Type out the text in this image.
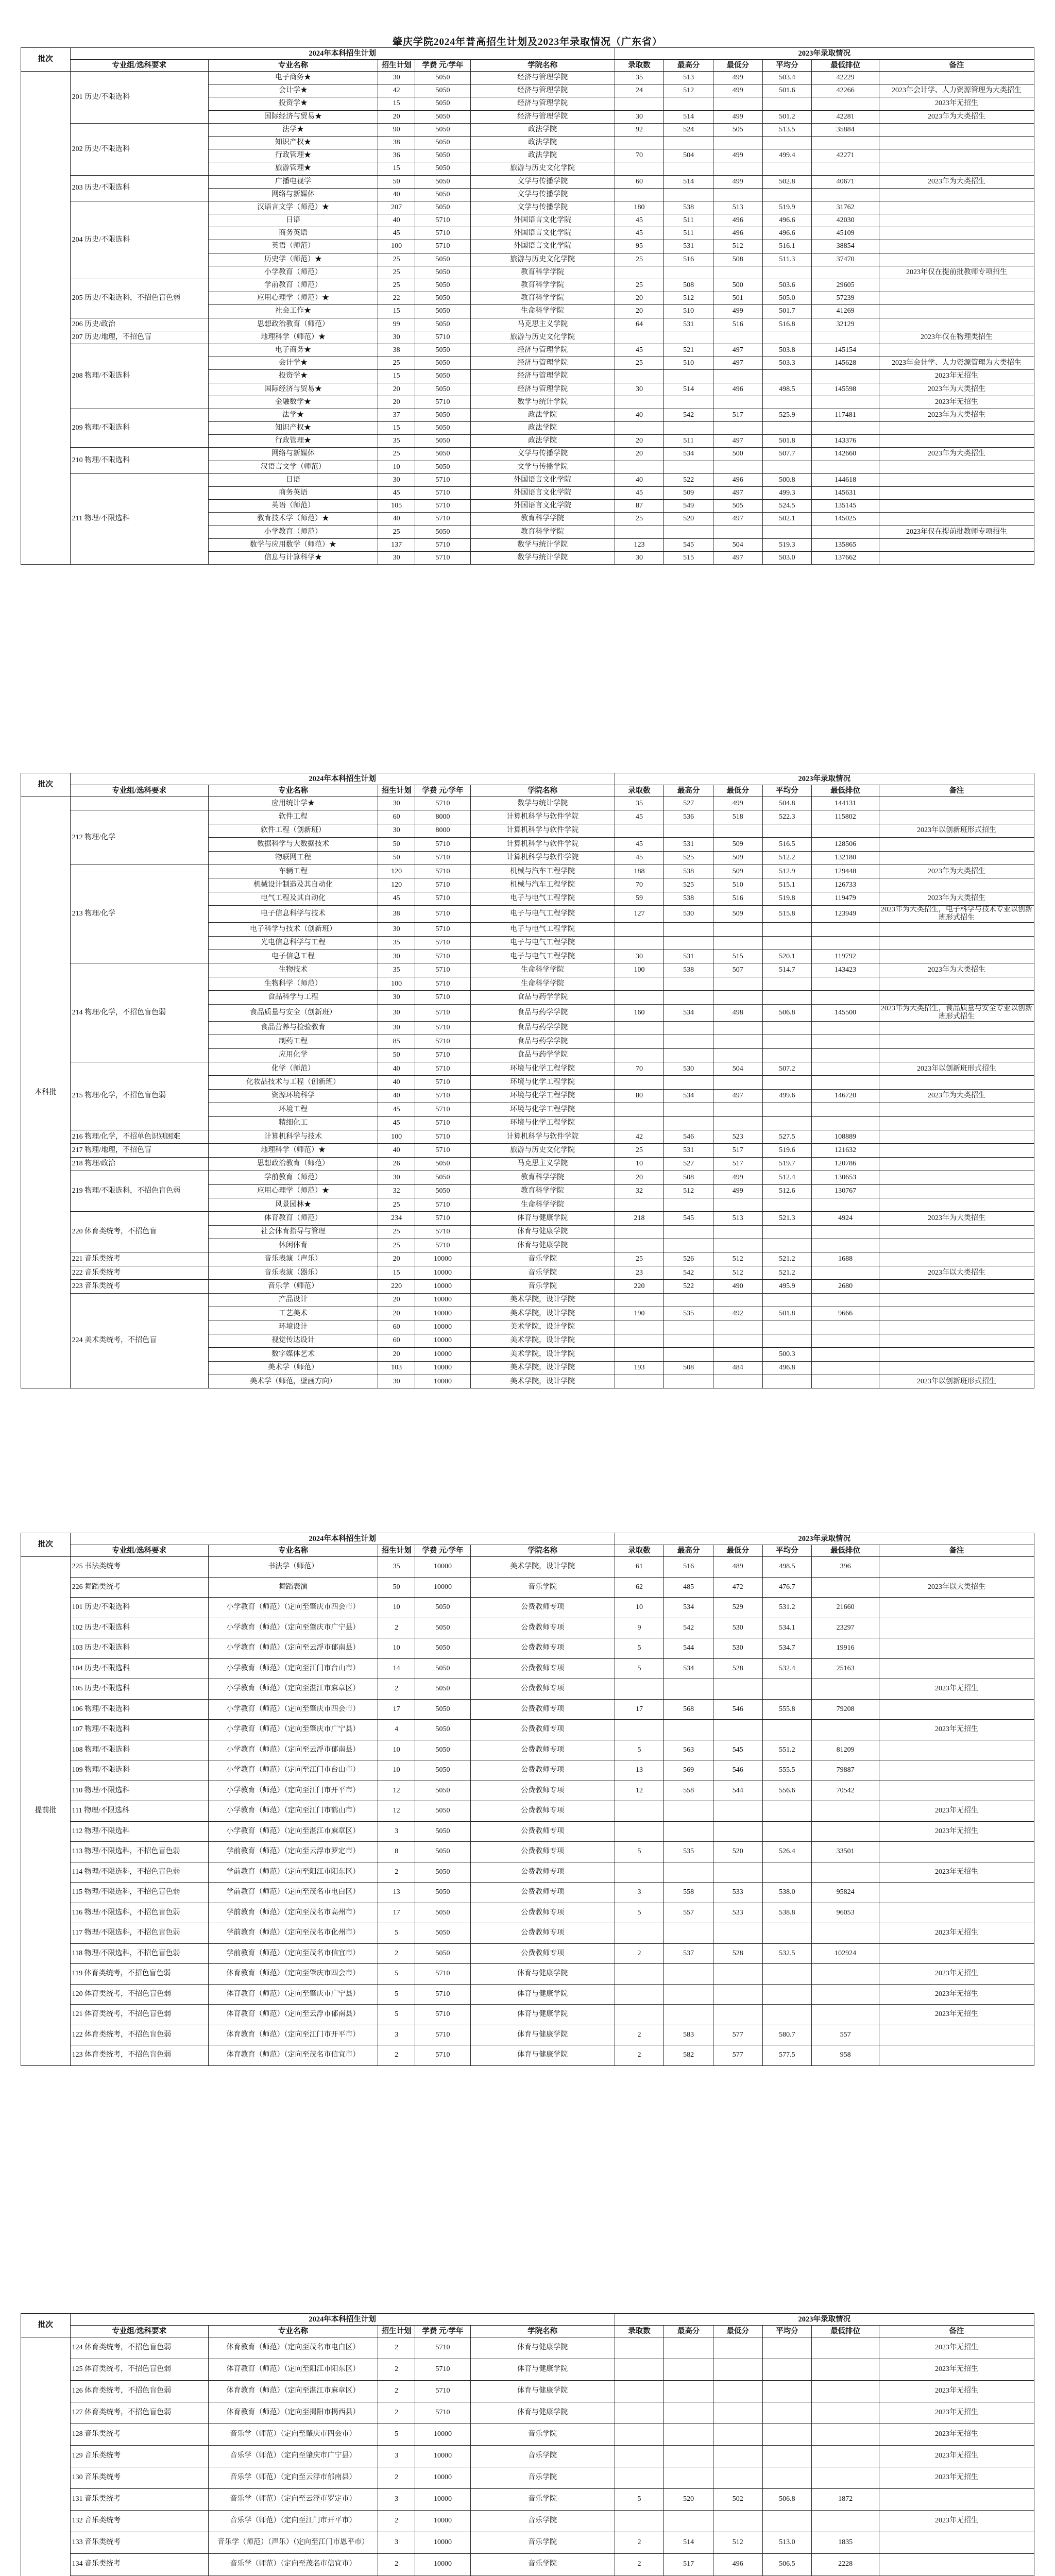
肇庆学院2024年普高招生计划及2023年录取情况（广东省）
批次	2024年本科招生计划					2023年录取情况					
	专业组/选科要求	专业名称	招生计划	学费 元/学年	学院名称	录取数	最高分	最低分	平均分	最低排位	备注
	201 历史/不限选科	电子商务★	30	5050	经济与管理学院	35	513	499	503.4	42229	
		会计学★	42	5050	经济与管理学院	24	512	499	501.6	42266	2023年会计学、人力资源管理为大类招生
		投资学★	15	5050	经济与管理学院						2023年无招生
		国际经济与贸易★	20	5050	经济与管理学院	30	514	499	501.2	42281	2023年为大类招生
	202 历史/不限选科	法学★	90	5050	政法学院	92	524	505	513.5	35884	
		知识产权★	38	5050	政法学院						
		行政管理★	36	5050	政法学院	70	504	499	499.4	42271	
		旅游管理★	15	5050	旅游与历史文化学院						
	203 历史/不限选科	广播电视学	50	5050	文学与传播学院	60	514	499	502.8	40671	2023年为大类招生
		网络与新媒体	40	5050	文学与传播学院						
	204 历史/不限选科	汉语言文学（师范）★	207	5050	文学与传播学院	180	538	513	519.9	31762	
		日语	40	5710	外国语言文化学院	45	511	496	496.6	42030	
		商务英语	45	5710	外国语言文化学院	45	511	496	496.6	45109	
		英语（师范）	100	5710	外国语言文化学院	95	531	512	516.1	38854	
		历史学（师范）★	25	5050	旅游与历史文化学院	25	516	508	511.3	37470	
		小学教育（师范）	25	5050	教育科学学院						2023年仅在提前批教师专项招生
	205 历史/不限选科，不招色盲色弱	学前教育（师范）	25	5050	教育科学学院	25	508	500	503.6	29605	
		应用心理学（师范）★	22	5050	教育科学学院	20	512	501	505.0	57239	
		社会工作★	15	5050	生命科学学院	20	510	499	501.7	41269	
	206 历史/政治	思想政治教育（师范）	99	5050	马克思主义学院	64	531	516	516.8	32129	
	207 历史/地理，不招色盲	地理科学（师范）★	30	5710	旅游与历史文化学院						2023年仅在物理类招生
	208 物理/不限选科	电子商务★	38	5050	经济与管理学院	45	521	497	503.8	145154	
		会计学★	25	5050	经济与管理学院	25	510	497	503.3	145628	2023年会计学、人力资源管理为大类招生
		投资学★	15	5050	经济与管理学院						2023年无招生
		国际经济与贸易★	20	5050	经济与管理学院	30	514	496	498.5	145598	2023年为大类招生
		金融数学★	20	5710	数学与统计学院						2023年无招生
	209 物理/不限选科	法学★	37	5050	政法学院	40	542	517	525.9	117481	2023年为大类招生
		知识产权★	15	5050	政法学院						
		行政管理★	35	5050	政法学院	20	511	497	501.8	143376	
	210 物理/不限选科	网络与新媒体	25	5050	文学与传播学院	20	534	500	507.7	142660	2023年为大类招生
		汉语言文学（师范）	10	5050	文学与传播学院						
	211 物理/不限选科	日语	30	5710	外国语言文化学院	40	522	496	500.8	144618	
		商务英语	45	5710	外国语言文化学院	45	509	497	499.3	145631	
		英语（师范）	105	5710	外国语言文化学院	87	549	505	524.5	135145	
		教育技术学（师范）★	40	5710	教育科学学院	25	520	497	502.1	145025	
		小学教育（师范）	25	5050	教育科学学院						2023年仅在提前批教师专项招生
		数学与应用数学（师范）★	137	5710	数学与统计学院	123	545	504	519.3	135865	
		信息与计算科学★	30	5710	数学与统计学院	30	515	497	503.0	137662	
批次	2024年本科招生计划					2023年录取情况					
	专业组/选科要求	专业名称	招生计划	学费 元/学年	学院名称	录取数	最高分	最低分	平均分	最低排位	备注
本科批		应用统计学★	30	5710	数学与统计学院	35	527	499	504.8	144131	
	212 物理/化学	软件工程	60	8000	计算机科学与软件学院	45	536	518	522.3	115802	
		软件工程（创新班）	30	8000	计算机科学与软件学院						2023年以创新班形式招生
		数据科学与大数据技术	50	5710	计算机科学与软件学院	45	531	509	516.5	128506	
		物联网工程	50	5710	计算机科学与软件学院	45	525	509	512.2	132180	
	213 物理/化学	车辆工程	120	5710	机械与汽车工程学院	188	538	509	512.9	129448	2023年为大类招生
		机械设计制造及其自动化	120	5710	机械与汽车工程学院	70	525	510	515.1	126733	
		电气工程及其自动化	45	5710	电子与电气工程学院	59	538	516	519.8	119479	2023年为大类招生
		电子信息科学与技术	38	5710	电子与电气工程学院	127	530	509	515.8	123949	2023年为大类招生，电子科学与技术专业以创新班形式招生
		电子科学与技术（创新班）	30	5710	电子与电气工程学院						
		光电信息科学与工程	35	5710	电子与电气工程学院						
		电子信息工程	30	5710	电子与电气工程学院	30	531	515	520.1	119792	
	214 物理/化学，不招色盲色弱	生物技术	35	5710	生命科学学院	100	538	507	514.7	143423	2023年为大类招生
		生物科学（师范）	100	5710	生命科学学院						
		食品科学与工程	30	5710	食品与药学学院						
		食品质量与安全（创新班）	30	5710	食品与药学学院	160	534	498	506.8	145500	2023年为大类招生，食品质量与安全专业以创新班形式招生
		食品营养与检验教育	30	5710	食品与药学学院						
		制药工程	85	5710	食品与药学学院						
		应用化学	50	5710	食品与药学学院						
	215 物理/化学，不招色盲色弱	化学（师范）	40	5710	环境与化学工程学院	70	530	504	507.2		2023年以创新班形式招生
		化妆品技术与工程（创新班）	40	5710	环境与化学工程学院						
		资源环境科学	40	5710	环境与化学工程学院	80	534	497	499.6	146720	2023年为大类招生
		环境工程	45	5710	环境与化学工程学院						
		精细化工	45	5710	环境与化学工程学院						
	216 物理/化学，不招单色识别困难	计算机科学与技术	100	5710	计算机科学与软件学院	42	546	523	527.5	108889	
	217 物理/地理，不招色盲	地理科学（师范）★	40	5710	旅游与历史文化学院	25	531	517	519.6	121632	
	218 物理/政治	思想政治教育（师范）	26	5050	马克思主义学院	10	527	517	519.7	120786	
	219 物理/不限选科，不招色盲色弱	学前教育（师范）	30	5050	教育科学学院	20	508	499	512.4	130653	
		应用心理学（师范）★	32	5050	教育科学学院	32	512	499	512.6	130767	
		风景园林★	25	5710	生命科学学院						
	220 体育类统考，不招色盲	体育教育（师范）	234	5710	体育与健康学院	218	545	513	521.3	4924	2023年为大类招生
		社会体育指导与管理	25	5710	体育与健康学院						
		休闲体育	25	5710	体育与健康学院						
	221 音乐类统考	音乐表演（声乐）	20	10000	音乐学院	25	526	512	521.2	1688	
	222 音乐类统考	音乐表演（器乐）	15	10000	音乐学院	23	542	512	521.2		2023年以大类招生
	223 音乐类统考	音乐学（师范）	220	10000	音乐学院	220	522	490	495.9	2680	
	224 美术类统考，不招色盲	产品设计	20	10000	美术学院，设计学院						
		工艺美术	20	10000	美术学院，设计学院	190	535	492	501.8	9666	
		环境设计	60	10000	美术学院，设计学院						
		视觉传达设计	60	10000	美术学院，设计学院						
		数字媒体艺术	20	10000	美术学院，设计学院				500.3		
		美术学（师范）	103	10000	美术学院，设计学院	193	508	484	496.8		
		美术学（师范，壁画方向）	30	10000	美术学院，设计学院						2023年以创新班形式招生
批次	2024年本科招生计划					2023年录取情况					
	专业组/选科要求	专业名称	招生计划	学费 元/学年	学院名称	录取数	最高分	最低分	平均分	最低排位	备注
提前批	225 书法类统考	书法学（师范）	35	10000	美术学院，设计学院	61	516	489	498.5	396	
	226 舞蹈类统考	舞蹈表演	50	10000	音乐学院	62	485	472	476.7		2023年以大类招生
	101 历史/不限选科	小学教育（师范）（定向至肇庆市四会市）	10	5050	公费教师专项	10	534	529	531.2	21660	
	102 历史/不限选科	小学教育（师范）（定向至肇庆市广宁县）	2	5050	公费教师专项	9	542	530	534.1	23297	
	103 历史/不限选科	小学教育（师范）（定向至云浮市郁南县）	10	5050	公费教师专项	5	544	530	534.7	19916	
	104 历史/不限选科	小学教育（师范）（定向至江门市台山市）	14	5050	公费教师专项	5	534	528	532.4	25163	
	105 历史/不限选科	小学教育（师范）（定向至湛江市麻章区）	2	5050	公费教师专项						2023年无招生
	106 物理/不限选科	小学教育（师范）（定向至肇庆市四会市）	17	5050	公费教师专项	17	568	546	555.8	79208	
	107 物理/不限选科	小学教育（师范）（定向至肇庆市广宁县）	4	5050	公费教师专项						2023年无招生
	108 物理/不限选科	小学教育（师范）（定向至云浮市郁南县）	10	5050	公费教师专项	5	563	545	551.2	81209	
	109 物理/不限选科	小学教育（师范）（定向至江门市台山市）	10	5050	公费教师专项	13	569	546	555.5	79887	
	110 物理/不限选科	小学教育（师范）（定向至江门市开平市）	12	5050	公费教师专项	12	558	544	556.6	70542	
	111 物理/不限选科	小学教育（师范）（定向至江门市鹤山市）	12	5050	公费教师专项						2023年无招生
	112 物理/不限选科	小学教育（师范）（定向至湛江市麻章区）	3	5050	公费教师专项						2023年无招生
	113 物理/不限选科，不招色盲色弱	学前教育（师范）（定向至云浮市罗定市）	8	5050	公费教师专项	5	535	520	526.4	33501	
	114 物理/不限选科，不招色盲色弱	学前教育（师范）（定向至阳江市阳东区）	2	5050	公费教师专项						2023年无招生
	115 物理/不限选科，不招色盲色弱	学前教育（师范）（定向至茂名市电白区）	13	5050	公费教师专项	3	558	533	538.0	95824	
	116 物理/不限选科，不招色盲色弱	学前教育（师范）（定向至茂名市高州市）	17	5050	公费教师专项	5	557	533	538.8	96053	
	117 物理/不限选科，不招色盲色弱	学前教育（师范）（定向至茂名市化州市）	5	5050	公费教师专项						2023年无招生
	118 物理/不限选科，不招色盲色弱	学前教育（师范）（定向至茂名市信宜市）	2	5050	公费教师专项	2	537	528	532.5	102924	
	119 体育类统考，不招色盲色弱	体育教育（师范）（定向至肇庆市四会市）	5	5710	体育与健康学院						2023年无招生
	120 体育类统考，不招色盲色弱	体育教育（师范）（定向至肇庆市广宁县）	5	5710	体育与健康学院						2023年无招生
	121 体育类统考，不招色盲色弱	体育教育（师范）（定向至云浮市郁南县）	5	5710	体育与健康学院						2023年无招生
	122 体育类统考，不招色盲色弱	体育教育（师范）（定向至江门市开平市）	3	5710	体育与健康学院	2	583	577	580.7	557	
	123 体育类统考，不招色盲色弱	体育教育（师范）（定向至茂名市信宜市）	2	5710	体育与健康学院	2	582	577	577.5	958	
批次	2024年本科招生计划					2023年录取情况					
	专业组/选科要求	专业名称	招生计划	学费 元/学年	学院名称	录取数	最高分	最低分	平均分	最低排位	备注
	124 体育类统考，不招色盲色弱	体育教育（师范）（定向至茂名市电白区）	2	5710	体育与健康学院						2023年无招生
	125 体育类统考，不招色盲色弱	体育教育（师范）（定向至阳江市阳东区）	2	5710	体育与健康学院						2023年无招生
	126 体育类统考，不招色盲色弱	体育教育（师范）（定向至湛江市麻章区）	2	5710	体育与健康学院						2023年无招生
	127 体育类统考，不招色盲色弱	体育教育（师范）（定向至揭阳市揭西县）	2	5710	体育与健康学院						2023年无招生
	128 音乐类统考	音乐学（师范）（定向至肇庆市四会市）	5	10000	音乐学院						2023年无招生
	129 音乐类统考	音乐学（师范）（定向至肇庆市广宁县）	3	10000	音乐学院						2023年无招生
	130 音乐类统考	音乐学（师范）（定向至云浮市郁南县）	2	10000	音乐学院						2023年无招生
	131 音乐类统考	音乐学（师范）（定向至云浮市罗定市）	3	10000	音乐学院	5	520	502	506.8	1872	
	132 音乐类统考	音乐学（师范）（定向至江门市开平市）	2	10000	音乐学院						2023年无招生
	133 音乐类统考	音乐学（师范）（声乐）（定向至江门市恩平市）	3	10000	音乐学院	2	514	512	513.0	1835	
	134 音乐类统考	音乐学（师范）（定向至茂名市信宜市）	2	10000	音乐学院	2	517	496	506.5	2228	
